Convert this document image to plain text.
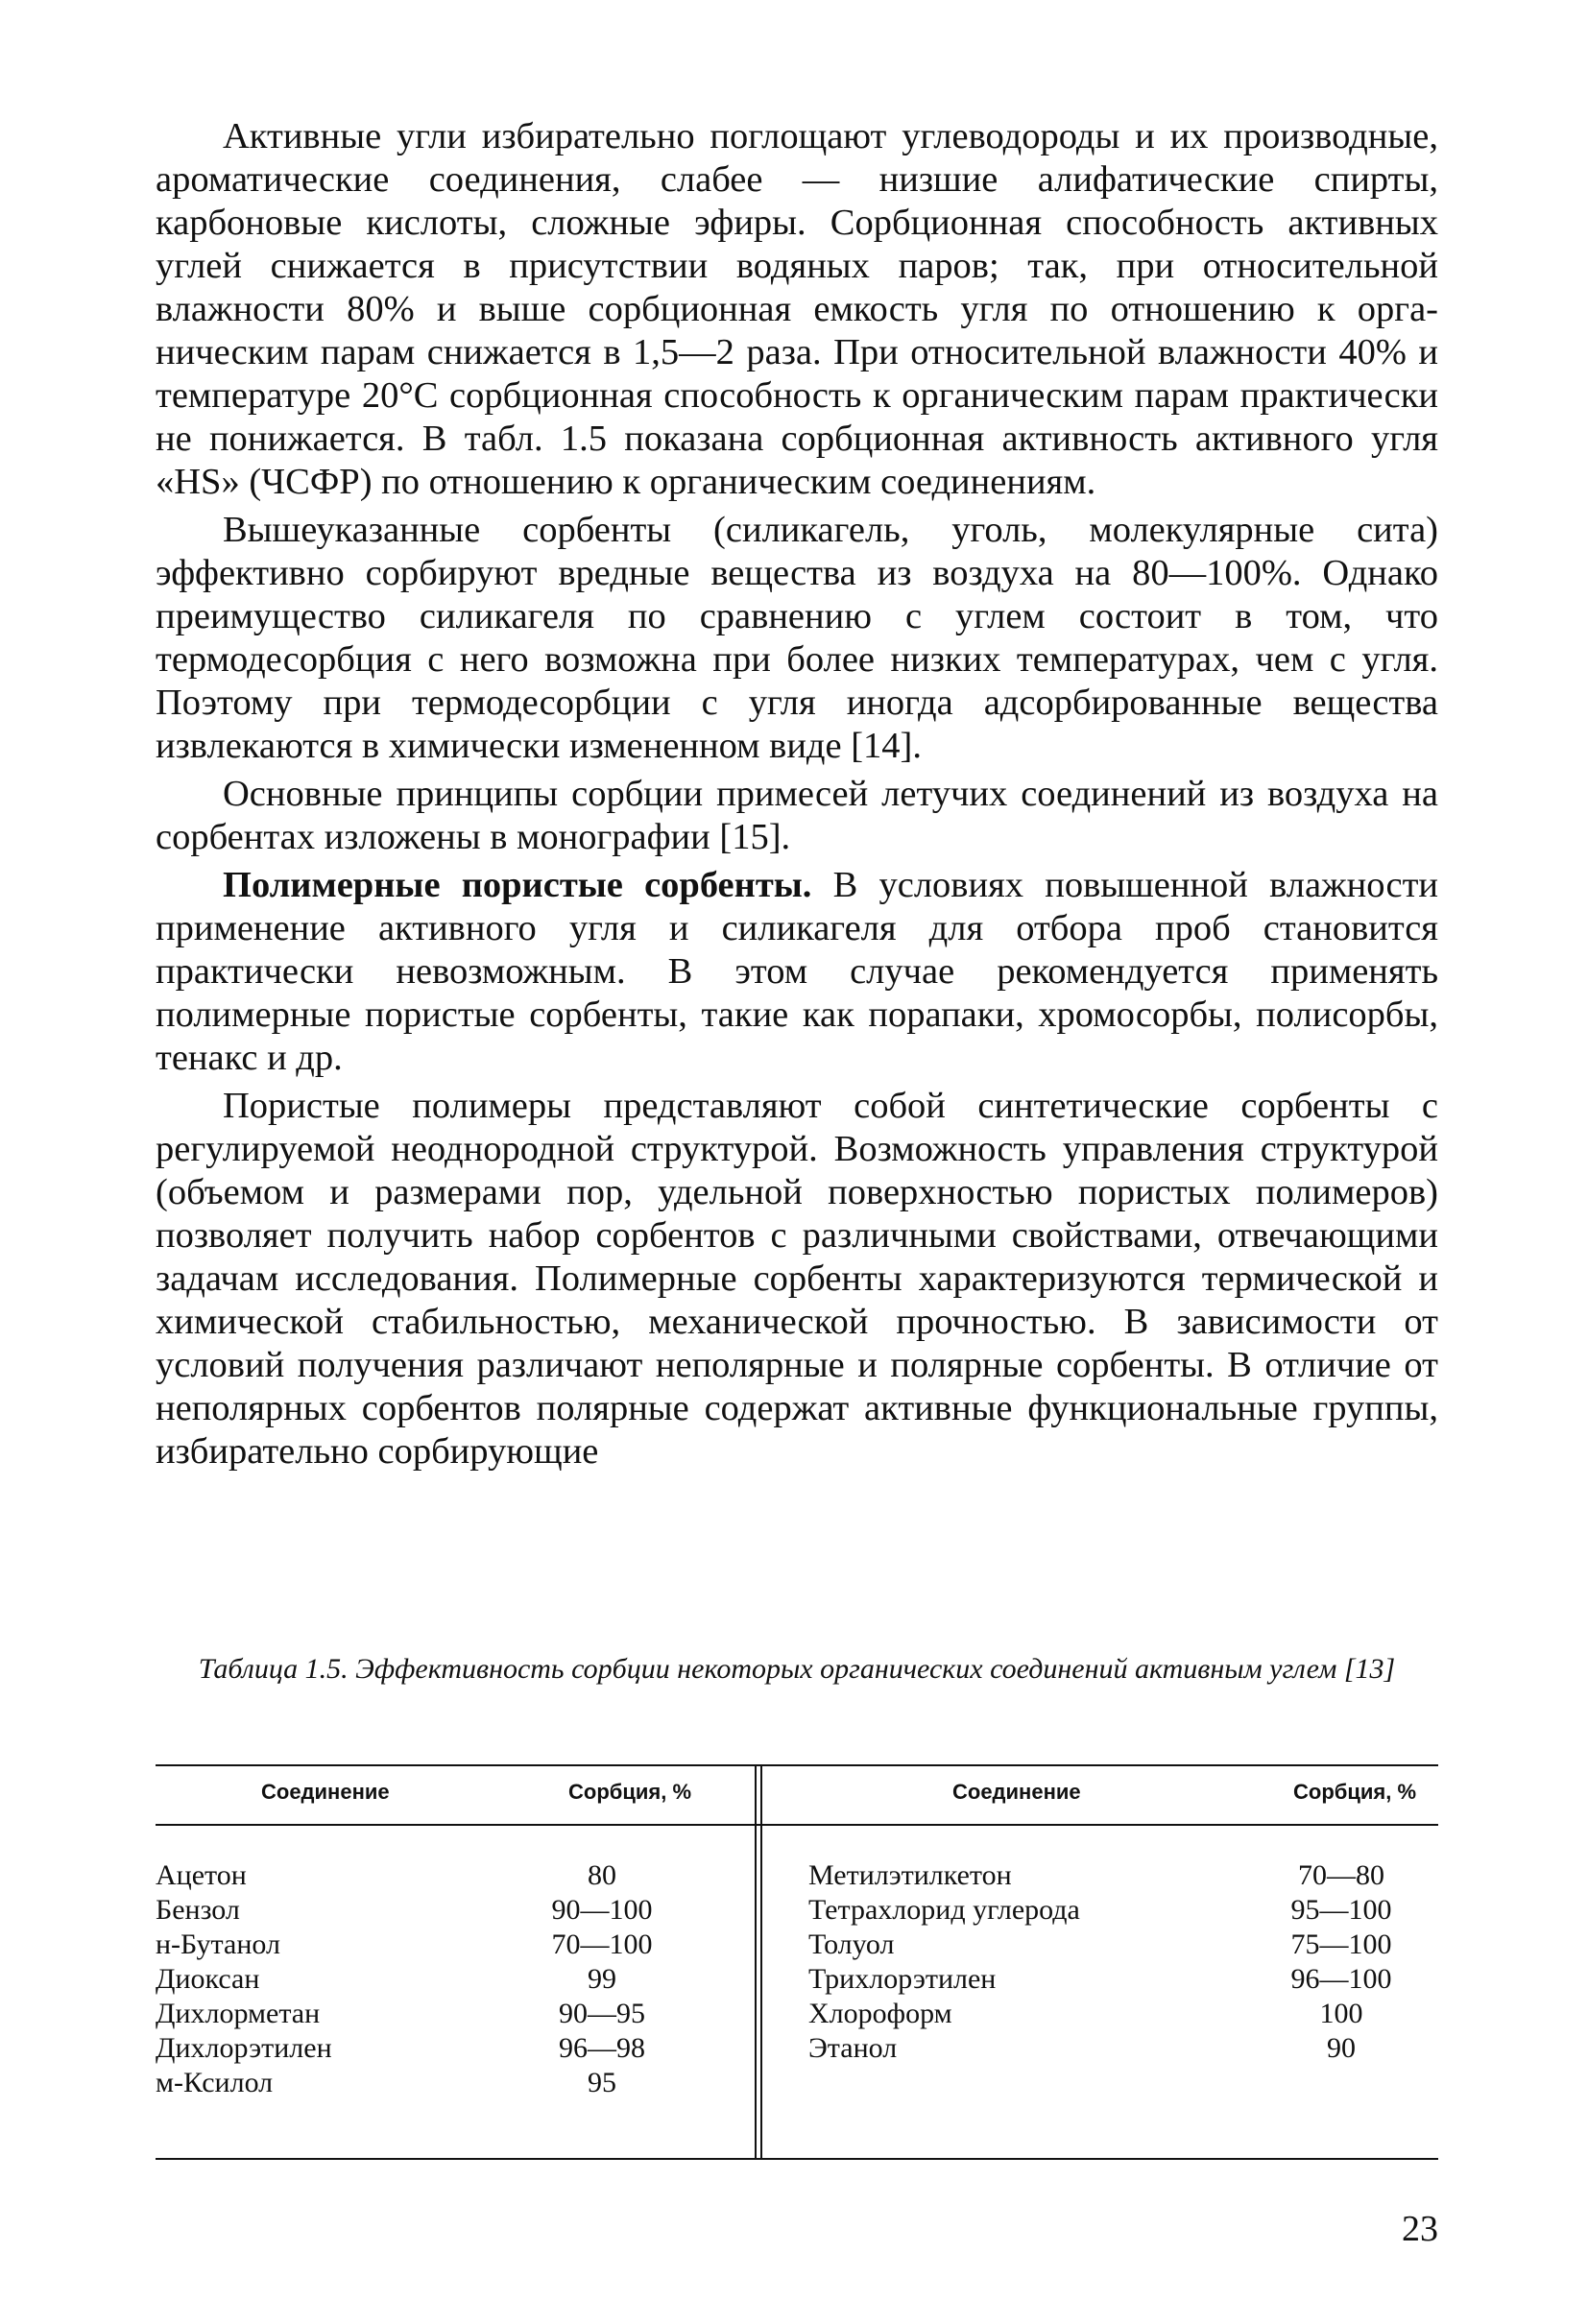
Активные угли избирательно поглощают углеводороды и их производные, ароматические соединения, слабее — низшие алифатические спирты, карбоновые кислоты, сложные эфиры. Сорбционная способность активных углей снижается в присутствии водяных паров; так, при относительной влажности 80% и выше сорбционная емкость угля по отношению к органическим парам снижается в 1,5—2 раза. При относительной влажности 40% и температуре 20°С сорбционная способность к органическим парам практически не понижается. В табл. 1.5 показана сорбционная активность активного угля «HS» (ЧСФР) по отношению к органическим соединениям.

Вышеуказанные сорбенты (силикагель, уголь, молекулярные сита) эффективно сорбируют вредные вещества из воздуха на 80—100%. Однако преимущество силикагеля по сравнению с углем состоит в том, что термодесорбция с него возможна при более низких температурах, чем с угля. Поэтому при термодесорбции с угля иногда адсорбированные вещества извлекаются в химически измененном виде [14].

Основные принципы сорбции примесей летучих соединений из воздуха на сорбентах изложены в монографии [15].

Полимерные пористые сорбенты. В условиях повышенной влажности применение активного угля и силикагеля для отбора проб становится практически невозможным. В этом случае рекомендуется применять полимерные пористые сорбенты, такие как порапаки, хромосорбы, полисорбы, тенакс и др.

Пористые полимеры представляют собой синтетические сорбенты с регулируемой неоднородной структурой. Возможность управления структурой (объемом и размерами пор, удельной поверхностью пористых полимеров) позволяет получить набор сорбентов с различными свойствами, отвечающими задачам исследования. Полимерные сорбенты характеризуются термической и химической стабильностью, механической прочностью. В зависимости от условий получения различают неполярные и полярные сорбенты. В отличие от неполярных сорбентов полярные содержат активные функциональные группы, избирательно сорбирующие

Таблица 1.5. Эффективность сорбции некоторых органических соединений активным углем [13]
Соединение	Сорбция, %
Ацетон	80
Бензол	90—100
н-Бутанол	70—100
Диоксан	99
Дихлорметан	90—95
Дихлорэтилен	96—98
м-Ксилол	95
Соединение	Сорбция, %
Метилэтилкетон	70—80
Тетрахлорид углерода	95—100
Толуол	75—100
Трихлорэтилен	96—100
Хлороформ	100
Этанол	90
23
